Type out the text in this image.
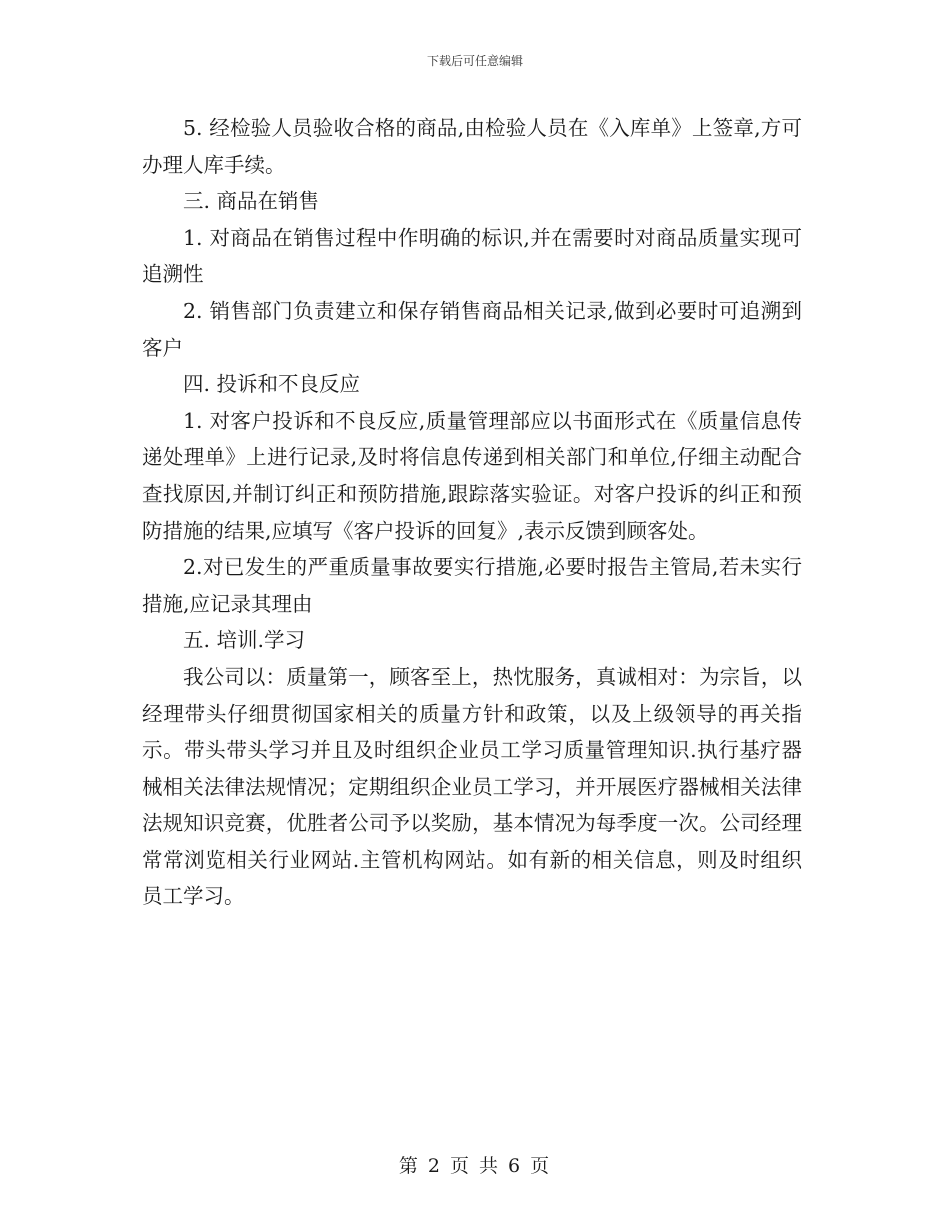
下载后可任意编辑

5. 经检验人员验收合格的商品,由检验人员在《入库单》上签章,方可办理人库手续。

三. 商品在销售

1. 对商品在销售过程中作明确的标识,并在需要时对商品质量实现可追溯性

2. 销售部门负责建立和保存销售商品相关记录,做到必要时可追溯到客户

四. 投诉和不良反应

1. 对客户投诉和不良反应,质量管理部应以书面形式在《质量信息传递处理单》上进行记录,及时将信息传递到相关部门和单位,仔细主动配合查找原因,并制订纠正和预防措施,跟踪落实验证。对客户投诉的纠正和预防措施的结果,应填写《客户投诉的回复》,表示反馈到顾客处。

2.对已发生的严重质量事故要实行措施,必要时报告主管局,若未实行措施,应记录其理由

五. 培训.学习

我公司以：质量第一，顾客至上，热忱服务，真诚相对：为宗旨，以经理带头仔细贯彻国家相关的质量方针和政策，以及上级领导的再关指示。带头带头学习并且及时组织企业员工学习质量管理知识.执行基疗器械相关法律法规情况；定期组织企业员工学习，并开展医疗器械相关法律法规知识竞赛，优胜者公司予以奖励，基本情况为每季度一次。公司经理常常浏览相关行业网站.主管机构网站。如有新的相关信息，则及时组织员工学习。

第 2 页 共 6 页
